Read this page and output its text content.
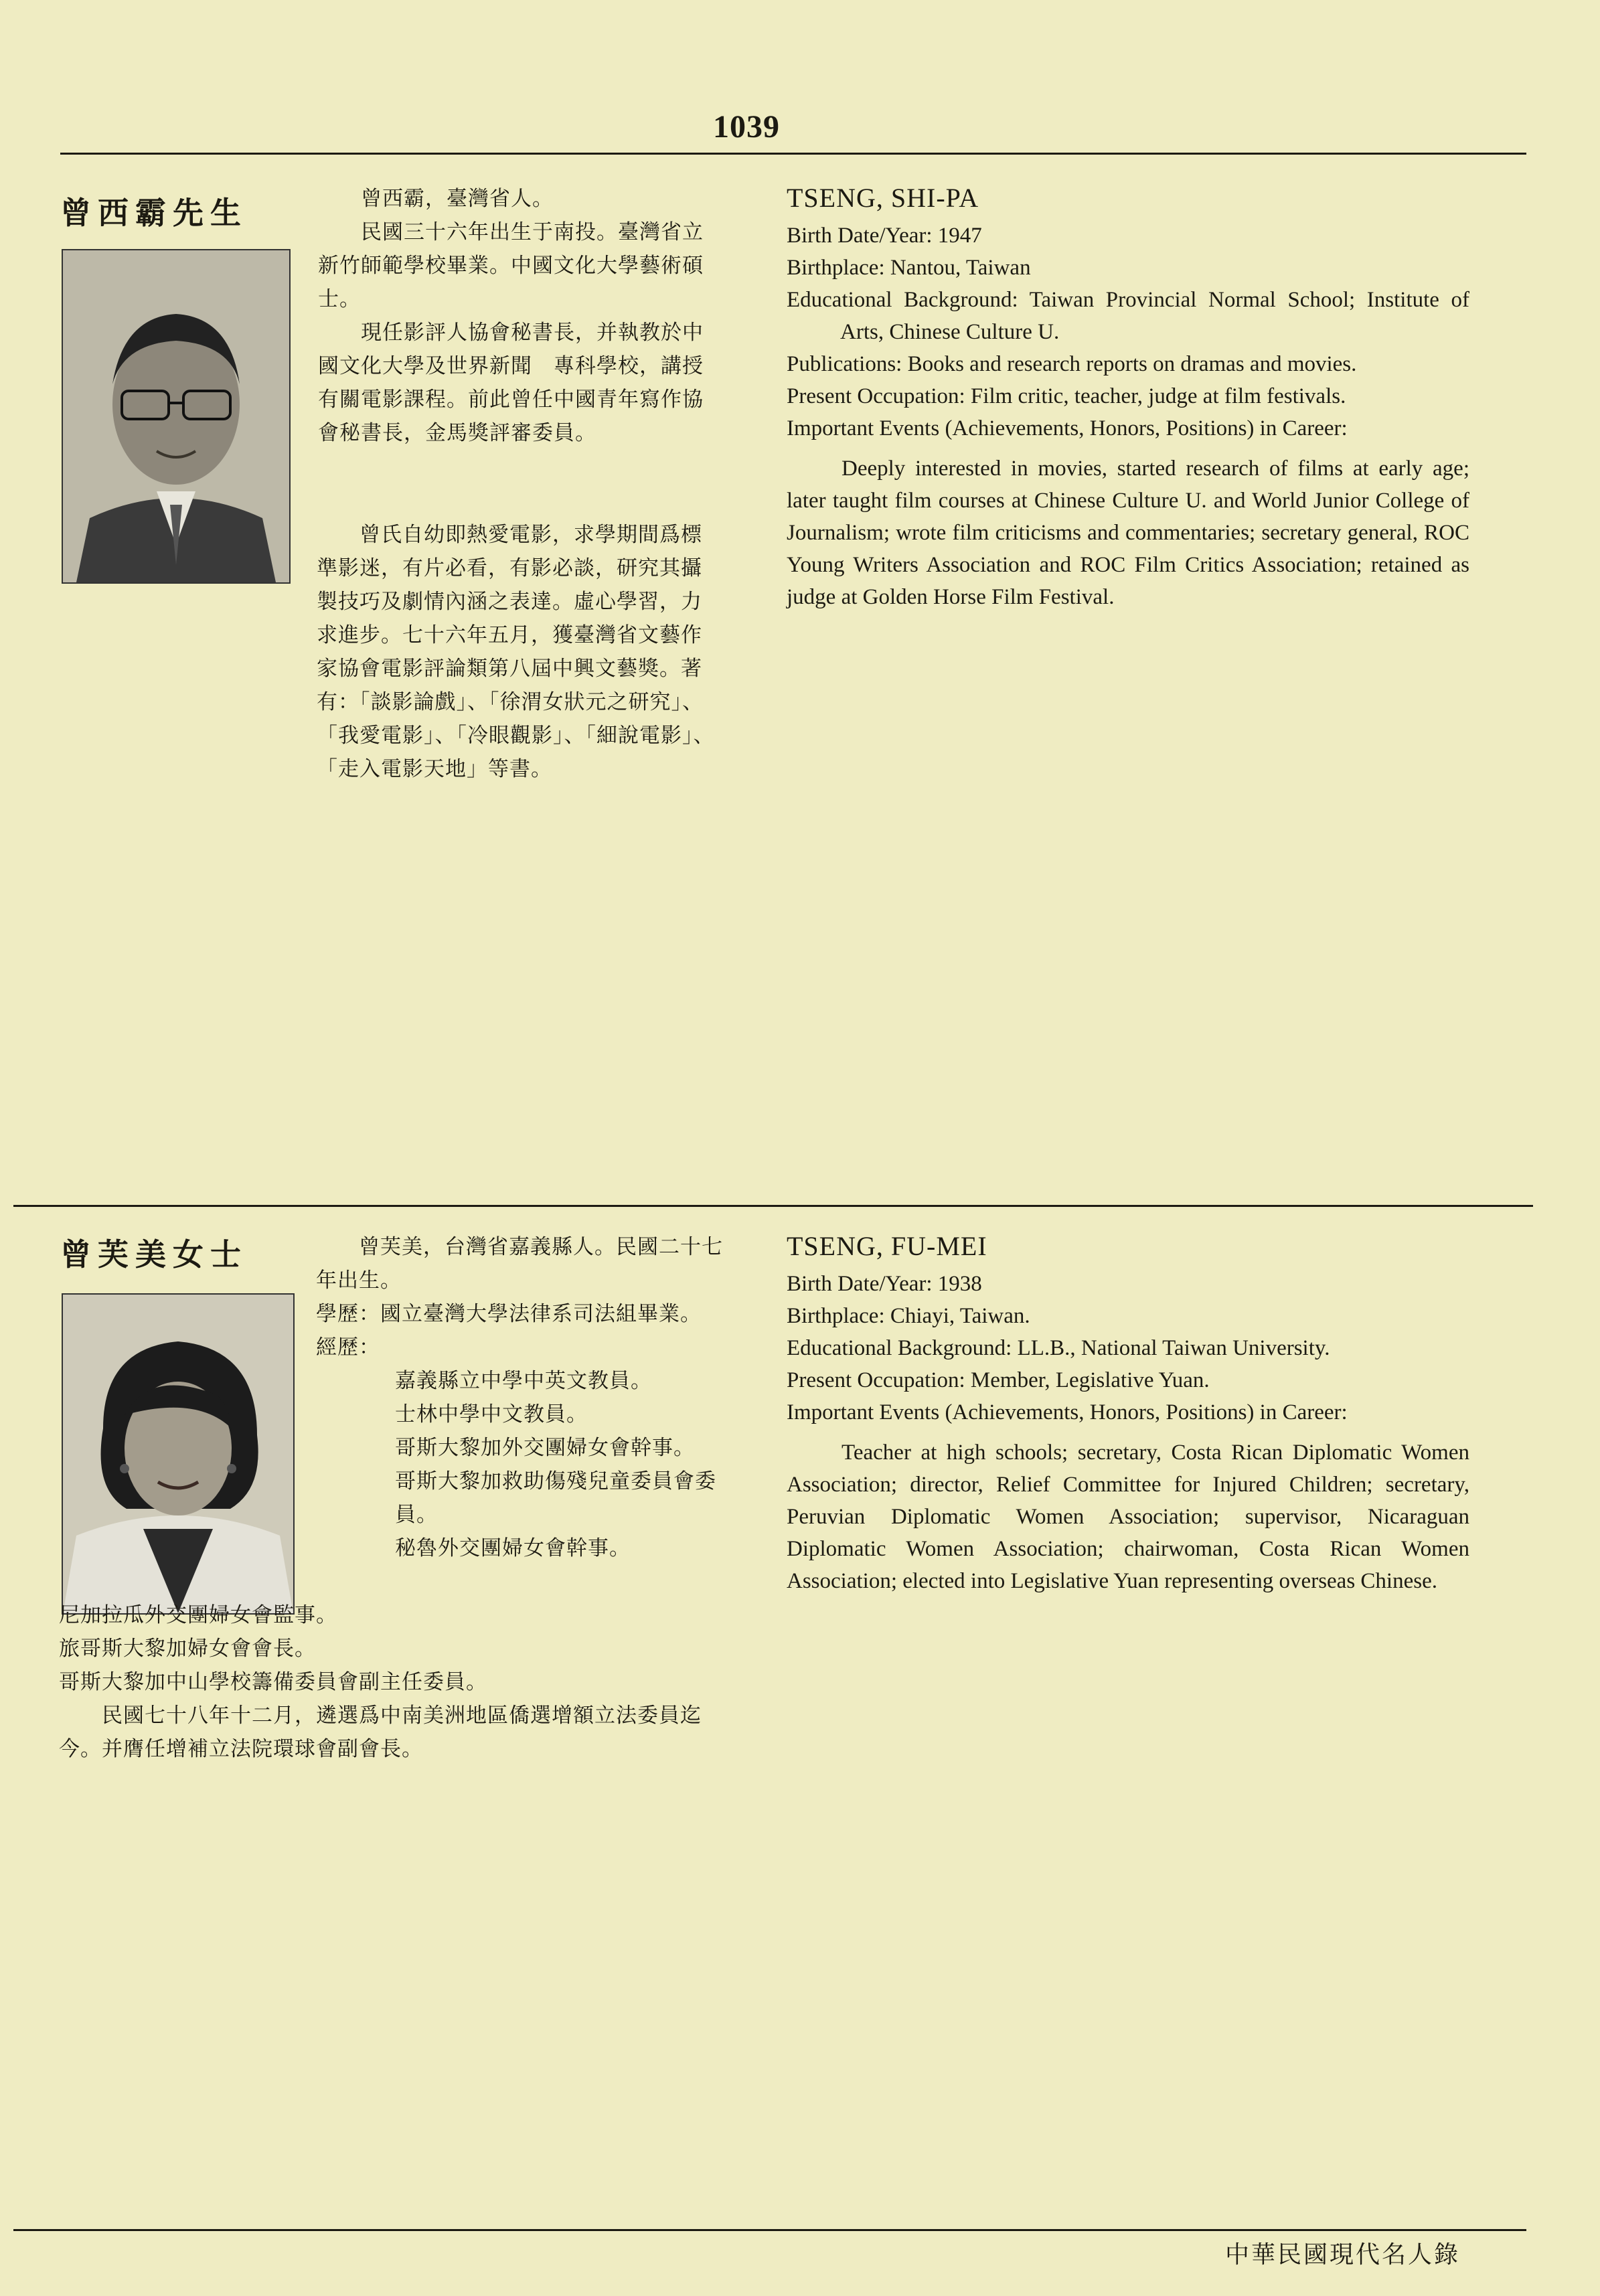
1039
曾西霸先生	曾西霸，臺灣省人。

民國三十六年出生于南投。臺灣省立新竹師範學校畢業。中國文化大學藝術碩士。

現任影評人協會秘書長，并執教於中國文化大學及世界新聞　專科學校，講授有關電影課程。前此曾任中國青年寫作協會秘書長，金馬獎評審委員。

曾氏自幼即熱愛電影，求學期間爲標準影迷，有片必看，有影必談，研究其攝製技巧及劇情內涵之表達。虛心學習，力求進步。七十六年五月，獲臺灣省文藝作家協會電影評論類第八屆中興文藝獎。著有：「談影論戲」、「徐渭女狀元之研究」、「我愛電影」、「冷眼觀影」、「細說電影」、「走入電影天地」等書。

TSENG, SHI-PA

Birth Date/Year: 1947

Birthplace: Nantou, Taiwan

Educational Background: Taiwan Provincial Normal School; Institute of Arts, Chinese Culture U.

Publications: Books and research reports on dramas and movies.

Present Occupation: Film critic, teacher, judge at film festivals.

Important Events (Achievements, Honors, Positions) in Career:

Deeply interested in movies, started research of films at early age; later taught film courses at Chinese Culture U. and World Junior College of Journalism; wrote film criticisms and commentaries; secretary general, ROC Young Writers Association and ROC Film Critics Association; retained as judge at Golden Horse Film Festival.

曾芙美女士	曾芙美，台灣省嘉義縣人。民國二十七年出生。

學歷：國立臺灣大學法律系司法組畢業。

經歷：

嘉義縣立中學中英文教員。

士林中學中文教員。

哥斯大黎加外交團婦女會幹事。

哥斯大黎加救助傷殘兒童委員會委員。

秘魯外交團婦女會幹事。

尼加拉瓜外交團婦女會監事。

旅哥斯大黎加婦女會會長。

哥斯大黎加中山學校籌備委員會副主任委員。

民國七十八年十二月，遴選爲中南美洲地區僑選增額立法委員迄今。并膺任增補立法院環球會副會長。

TSENG, FU-MEI

Birth Date/Year: 1938

Birthplace: Chiayi, Taiwan.

Educational Background: LL.B., National Taiwan University.

Present Occupation: Member, Legislative Yuan.

Important Events (Achievements, Honors, Positions) in Career:

Teacher at high schools; secretary, Costa Rican Diplomatic Women Association; director, Relief Committee for Injured Children; secretary, Peruvian Diplomatic Women Association; supervisor, Nicaraguan Diplomatic Women Association; chairwoman, Costa Rican Women Association; elected into Legislative Yuan representing overseas Chinese.

中華民國現代名人錄
